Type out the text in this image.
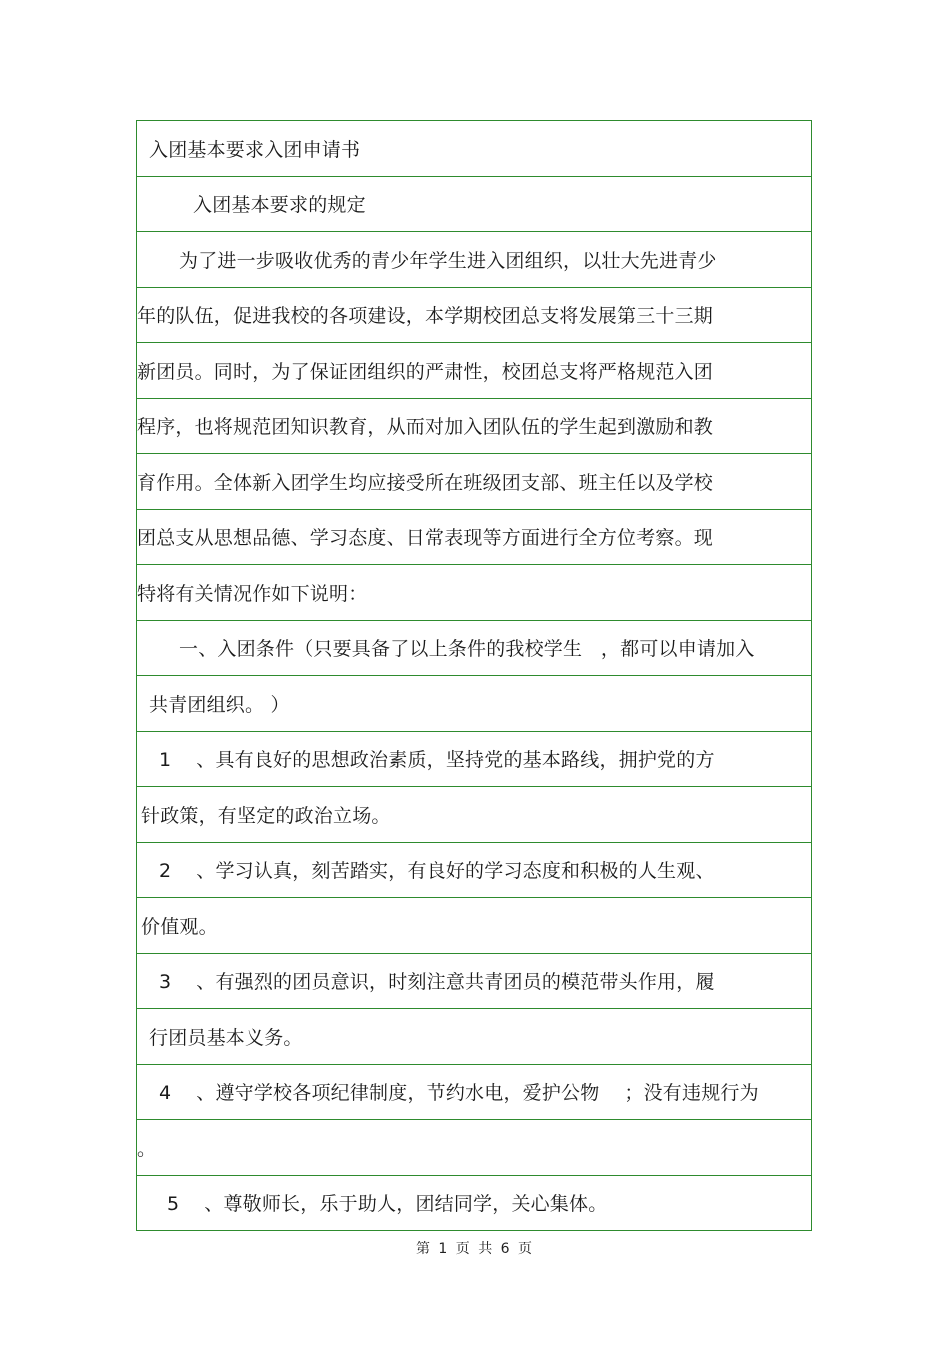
入团基本要求入团申请书
入团基本要求的规定
为了进一步吸收优秀的青少年学生进入团组织，以壮大先进青少
年的队伍，促进我校的各项建设，本学期校团总支将发展第三十三期
新团员。同时，为了保证团组织的严肃性，校团总支将严格规范入团
程序，也将规范团知识教育，从而对加入团队伍的学生起到激励和教
育作用。全体新入团学生均应接受所在班级团支部、班主任以及学校
团总支从思想品德、学习态度、日常表现等方面进行全方位考察。现
特将有关情况作如下说明：
一、入团条件（只要具备了以上条件的我校学生   ，都可以申请加入
共青团组织。 ）
1    、具有良好的思想政治素质，坚持党的基本路线，拥护党的方
针政策，有坚定的政治立场。
2    、学习认真，刻苦踏实，有良好的学习态度和积极的人生观、
价值观。
3    、有强烈的团员意识，时刻注意共青团员的模范带头作用，履
行团员基本义务。
4    、遵守学校各项纪律制度，节约水电，爱护公物    ；没有违规行为
。
5    、尊敬师长，乐于助人，团结同学，关心集体。
第 1 页 共 6 页
